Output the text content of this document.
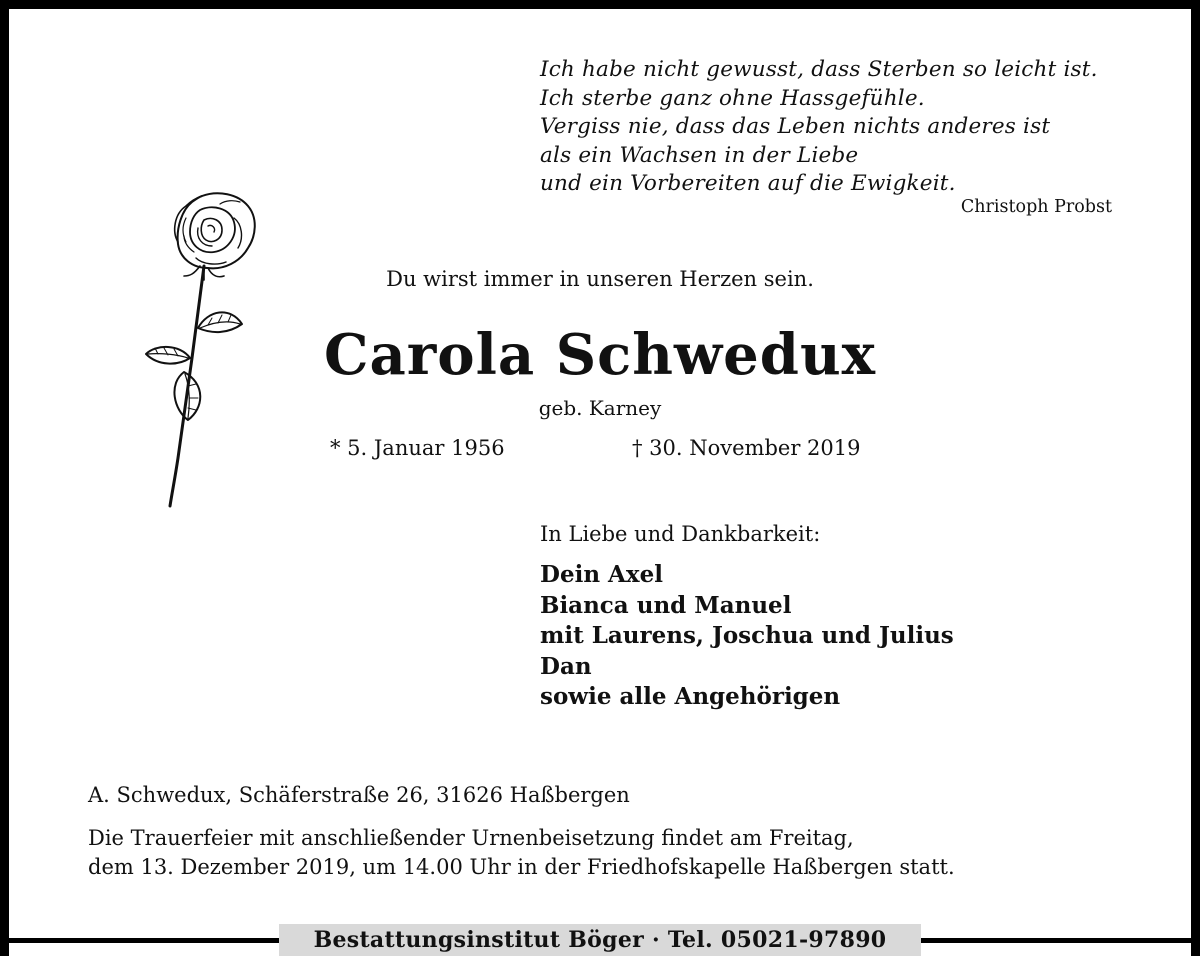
Ich habe nicht gewusst, dass Sterben so leicht ist.
Ich sterbe ganz ohne Hassgefühle.
Vergiss nie, dass das Leben nichts anderes ist
als ein Wachsen in der Liebe
und ein Vorbereiten auf die Ewigkeit.
Christoph Probst
Du wirst immer in unseren Herzen sein.
Carola Schwedux
geb. Karney
* 5. Januar 1956	† 30. November 2019
In Liebe und Dankbarkeit:
Dein Axel
Bianca und Manuel
mit Laurens, Joschua und Julius
Dan
sowie alle Angehörigen
A. Schwedux, Schäferstraße 26, 31626 Haßbergen
Die Trauerfeier mit anschließender Urnenbeisetzung findet am Freitag,
dem 13. Dezember 2019, um 14.00 Uhr in der Friedhofskapelle Haßbergen statt.
Bestattungsinstitut Böger · Tel. 05021-97890
